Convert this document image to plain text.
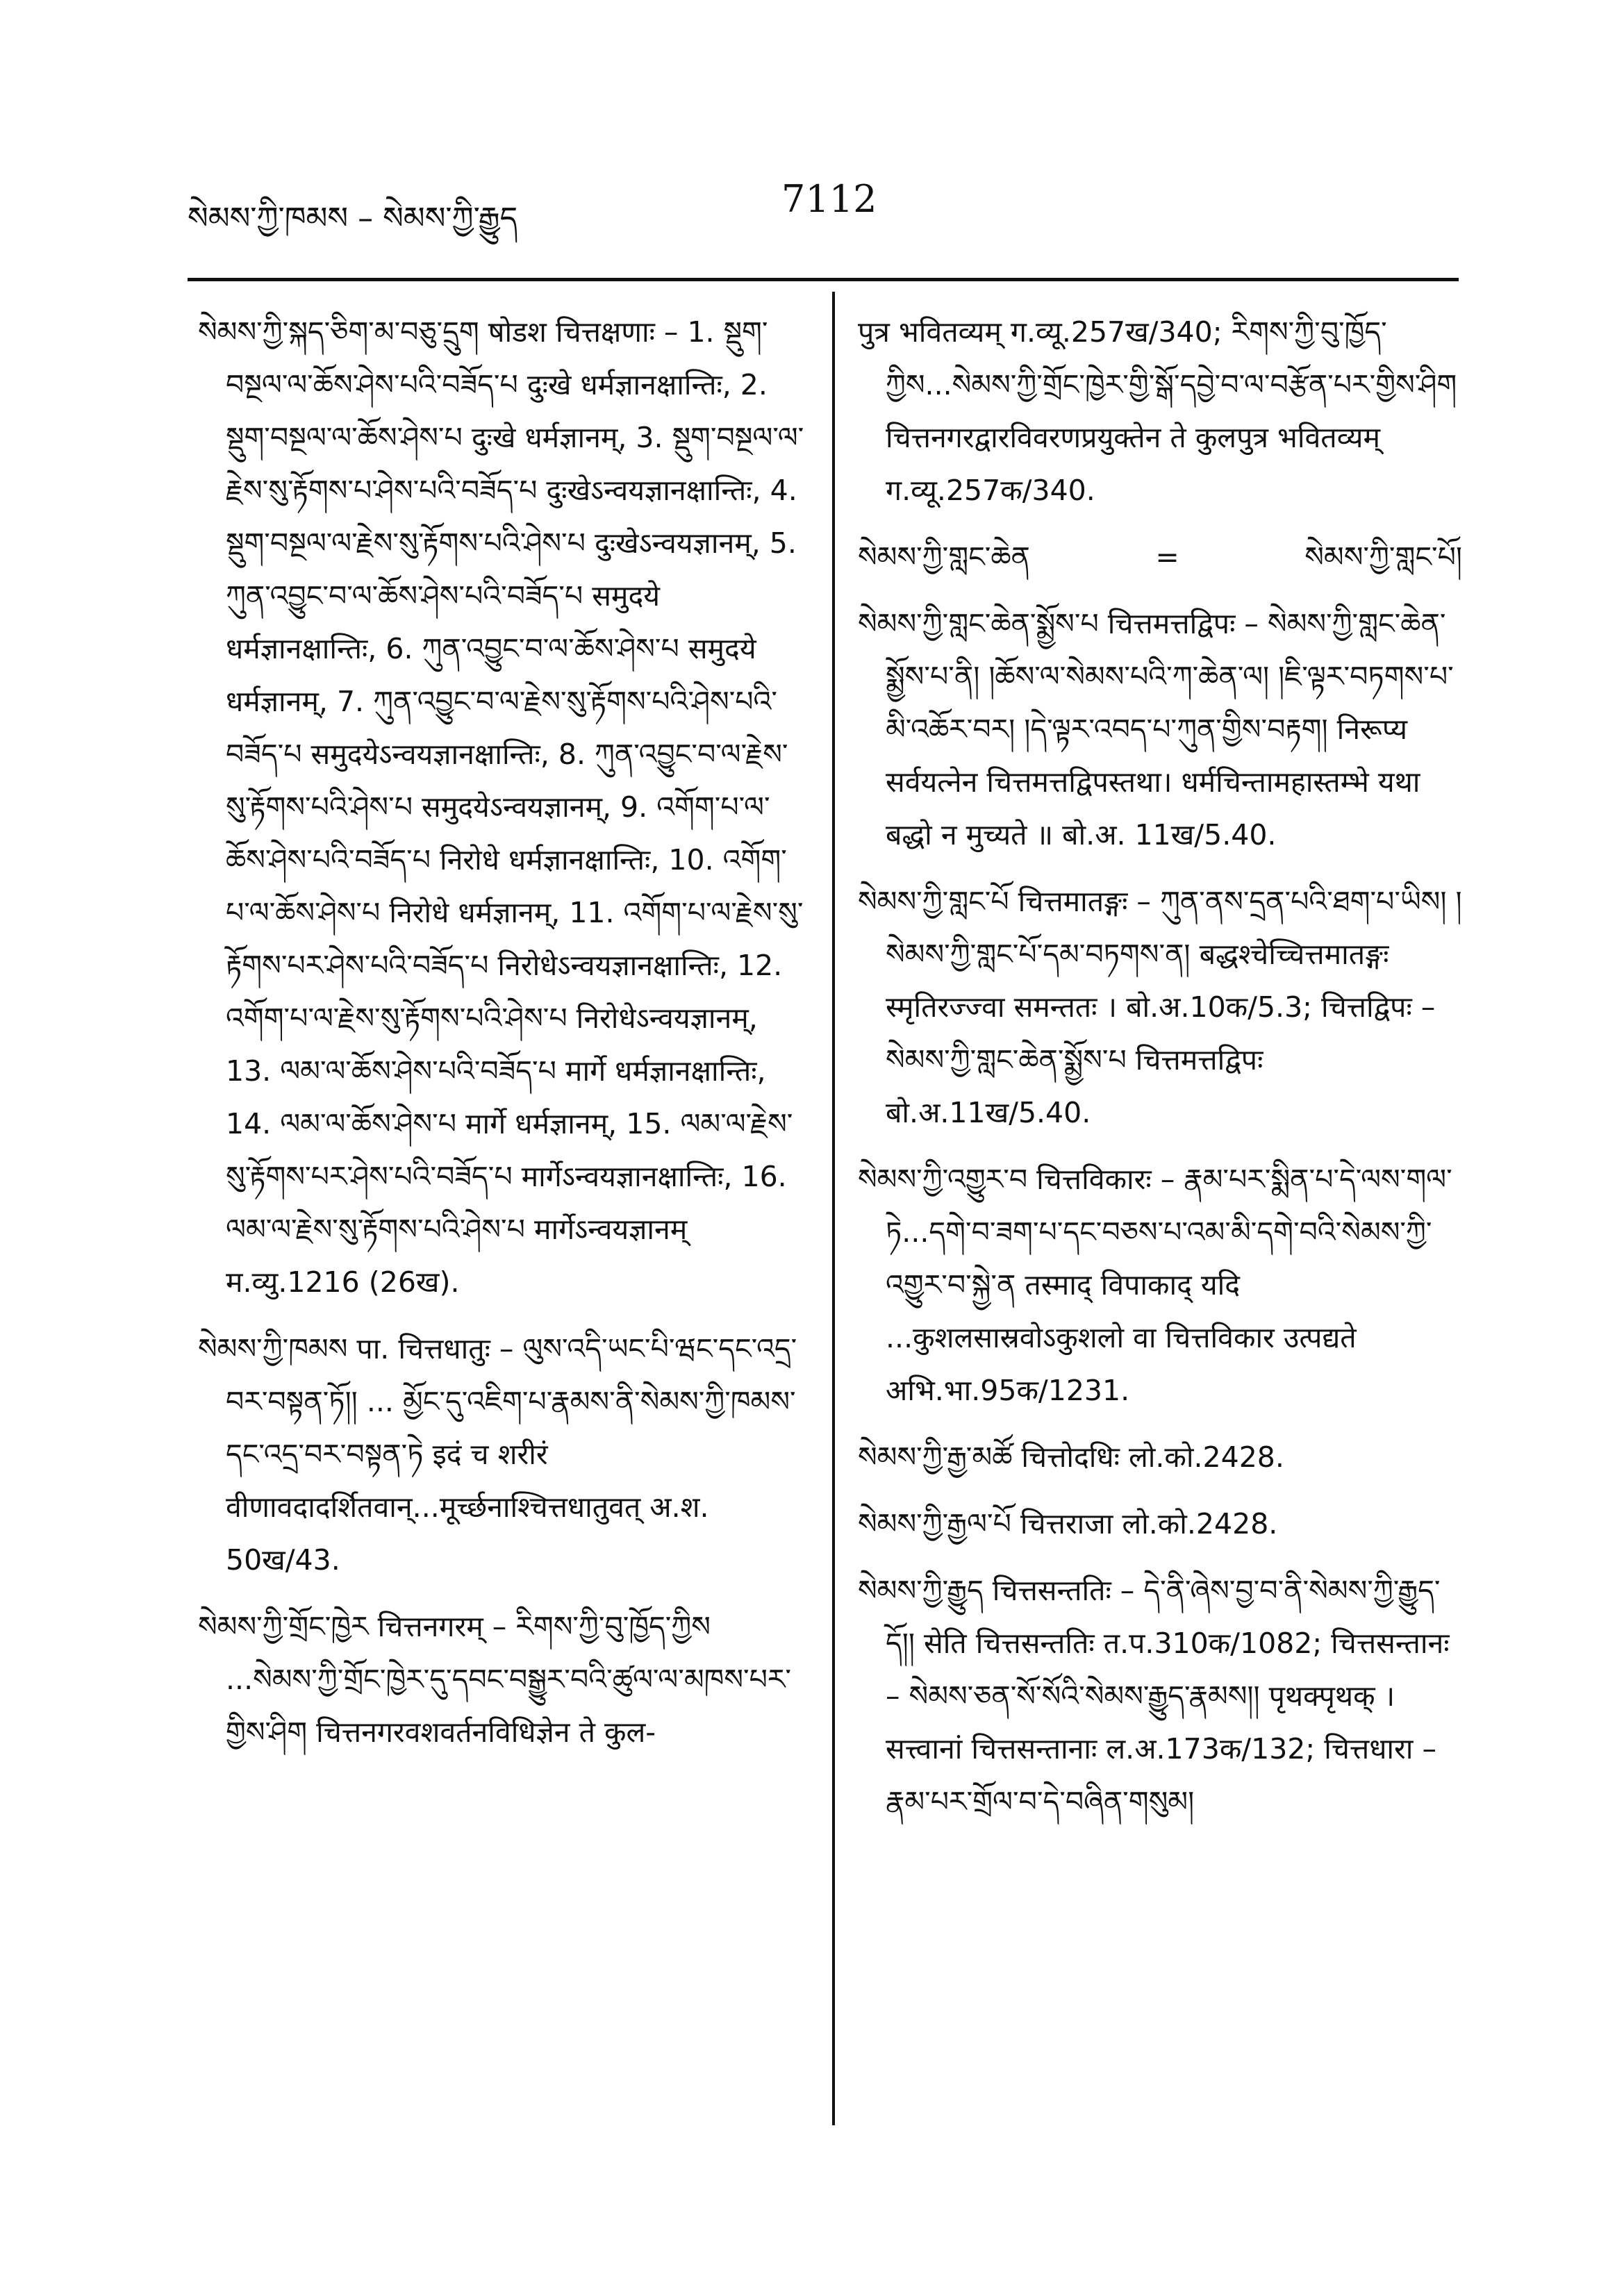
སེམས་ཀྱི་ཁམས – སེམས་ཀྱི་རྒྱུད	7112

སེམས་ཀྱི་སྐད་ཅིག་མ་བཅུ་དྲུག षोडश चित्तक्षणाः – 1. སྡུག་བསྔལ་ལ་ཆོས་ཤེས་པའི་བཟོད་པ दुःखे धर्मज्ञानक्षान्तिः, 2. སྡུག་བསྔལ་ལ་ཆོས་ཤེས་པ दुःखे धर्मज्ञानम्, 3. སྡུག་བསྔལ་ལ་རྗེས་སུ་རྟོགས་པ་ཤེས་པའི་བཟོད་པ दुःखेऽन्वयज्ञानक्षान्तिः, 4. སྡུག་བསྔལ་ལ་རྗེས་སུ་རྟོགས་པའི་ཤེས་པ दुःखेऽन्वयज्ञानम्, 5. ཀུན་འབྱུང་བ་ལ་ཆོས་ཤེས་པའི་བཟོད་པ समुदये धर्मज्ञानक्षान्तिः, 6. ཀུན་འབྱུང་བ་ལ་ཆོས་ཤེས་པ समुदये धर्मज्ञानम्, 7. ཀུན་འབྱུང་བ་ལ་རྗེས་སུ་རྟོགས་པའི་ཤེས་པའི་བཟོད་པ समुदयेऽन्वयज्ञानक्षान्तिः, 8. ཀུན་འབྱུང་བ་ལ་རྗེས་སུ་རྟོགས་པའི་ཤེས་པ समुदयेऽन्वयज्ञानम्, 9. འགོག་པ་ལ་ཆོས་ཤེས་པའི་བཟོད་པ निरोधे धर्मज्ञानक्षान्तिः, 10. འགོག་པ་ལ་ཆོས་ཤེས་པ निरोधे धर्मज्ञानम्, 11. འགོག་པ་ལ་རྗེས་སུ་རྟོགས་པར་ཤེས་པའི་བཟོད་པ निरोधेऽन्वयज्ञानक्षान्तिः, 12. འགོག་པ་ལ་རྗེས་སུ་རྟོགས་པའི་ཤེས་པ निरोधेऽन्वयज्ञानम्, 13. ལམ་ལ་ཆོས་ཤེས་པའི་བཟོད་པ मार्गे धर्मज्ञानक्षान्तिः, 14. ལམ་ལ་ཆོས་ཤེས་པ मार्गे धर्मज्ञानम्, 15. ལམ་ལ་རྗེས་སུ་རྟོགས་པར་ཤེས་པའི་བཟོད་པ मार्गेऽन्वयज्ञानक्षान्तिः, 16. ལམ་ལ་རྗེས་སུ་རྟོགས་པའི་ཤེས་པ मार्गेऽन्वयज्ञानम् म.व्यु.1216 (26ख).

སེམས་ཀྱི་ཁམས पा. चित्तधातुः – ལུས་འདི་ཡང་པི་ཝང་དང་འདྲ་བར་བསྟན་ཏོ།། ... མྱོང་དུ་འཇིག་པ་རྣམས་ནི་སེམས་ཀྱི་ཁམས་དང་འདྲ་བར་བསྟན་ཏེ इदं च शरीरं वीणावदादर्शितवान्...मूर्च्छनाश्चित्तधातुवत् अ.श. 50ख/43.

སེམས་ཀྱི་གྲོང་ཁྱེར चित्तनगरम् – རིགས་ཀྱི་བུ་ཁྱོད་ཀྱིས ...སེམས་ཀྱི་གྲོང་ཁྱེར་དུ་དབང་བསྒྱུར་བའི་ཚུལ་ལ་མཁས་པར་གྱིས་ཤིག चित्तनगरवशवर्तनविधिज्ञेन ते कुल-

पुत्र भवितव्यम् ग.व्यू.257ख/340; རིགས་ཀྱི་བུ་ཁྱོད་ཀྱིས...སེམས་ཀྱི་གྲོང་ཁྱེར་གྱི་སྒོ་དབྱེ་བ་ལ་བརྩོན་པར་གྱིས་ཤིག चित्तनगरद्वारविवरणप्रयुक्तेन ते कुलपुत्र भवितव्यम् ग.व्यू.257क/340.

སེམས་ཀྱི་གླང་ཆེན	=	སེམས་ཀྱི་གླང་པོ།

སེམས་ཀྱི་གླང་ཆེན་སྨྱོས་པ चित्तमत्तद्विपः – སེམས་ཀྱི་གླང་ཆེན་སྨྱོས་པ་ནི། །ཆོས་ལ་སེམས་པའི་ཀ་ཆེན་ལ། །ཇི་ལྟར་བཏགས་པ་མི་འཆོར་བར། །དེ་ལྟར་འབད་པ་ཀུན་གྱིས་བརྟག། निरूप्य सर्वयत्नेन चित्तमत्तद्विपस्तथा। धर्मचिन्तामहास्तम्भे यथा बद्धो न मुच्यते ॥ बो.अ. 11ख/5.40.

སེམས་ཀྱི་གླང་པོ चित्तमातङ्गः – ཀུན་ནས་དྲན་པའི་ཐག་པ་ཡིས། །སེམས་ཀྱི་གླང་པོ་དམ་བཏགས་ན། बद्धश्चेच्चित्तमातङ्गः स्मृतिरज्ज्वा समन्ततः । बो.अ.10क/5.3; चित्तद्विपः – སེམས་ཀྱི་གླང་ཆེན་སྨྱོས་པ चित्तमत्तद्विपः बो.अ.11ख/5.40.

སེམས་ཀྱི་འགྱུར་བ चित्तविकारः – རྣམ་པར་སྨིན་པ་དེ་ལས་གལ་ཏེ...དགེ་བ་ཟག་པ་དང་བཅས་པ་འམ་མི་དགེ་བའི་སེམས་ཀྱི་འགྱུར་བ་སྐྱེ་ན तस्माद् विपाकाद् यदि ...कुशलसास्रवोऽकुशलो वा चित्तविकार उत्पद्यते अभि.भा.95क/1231.

སེམས་ཀྱི་རྒྱ་མཚོ चित्तोदधिः लो.को.2428.

སེམས་ཀྱི་རྒྱལ་པོ चित्तराजा लो.को.2428.

སེམས་ཀྱི་རྒྱུད चित्तसन्ततिः – དེ་ནི་ཞེས་བྱ་བ་ནི་སེམས་ཀྱི་རྒྱུད་དོ།། सेति चित्तसन्ततिः त.प.310क/1082; चित्तसन्तानः – སེམས་ཅན་སོ་སོའི་སེམས་རྒྱུད་རྣམས།། पृथक्पृथक् । सत्त्वानां चित्तसन्तानाः ल.अ.173क/132; चित्तधारा – རྣམ་པར་གྲོལ་བ་དེ་བཞིན་གསུམ།
